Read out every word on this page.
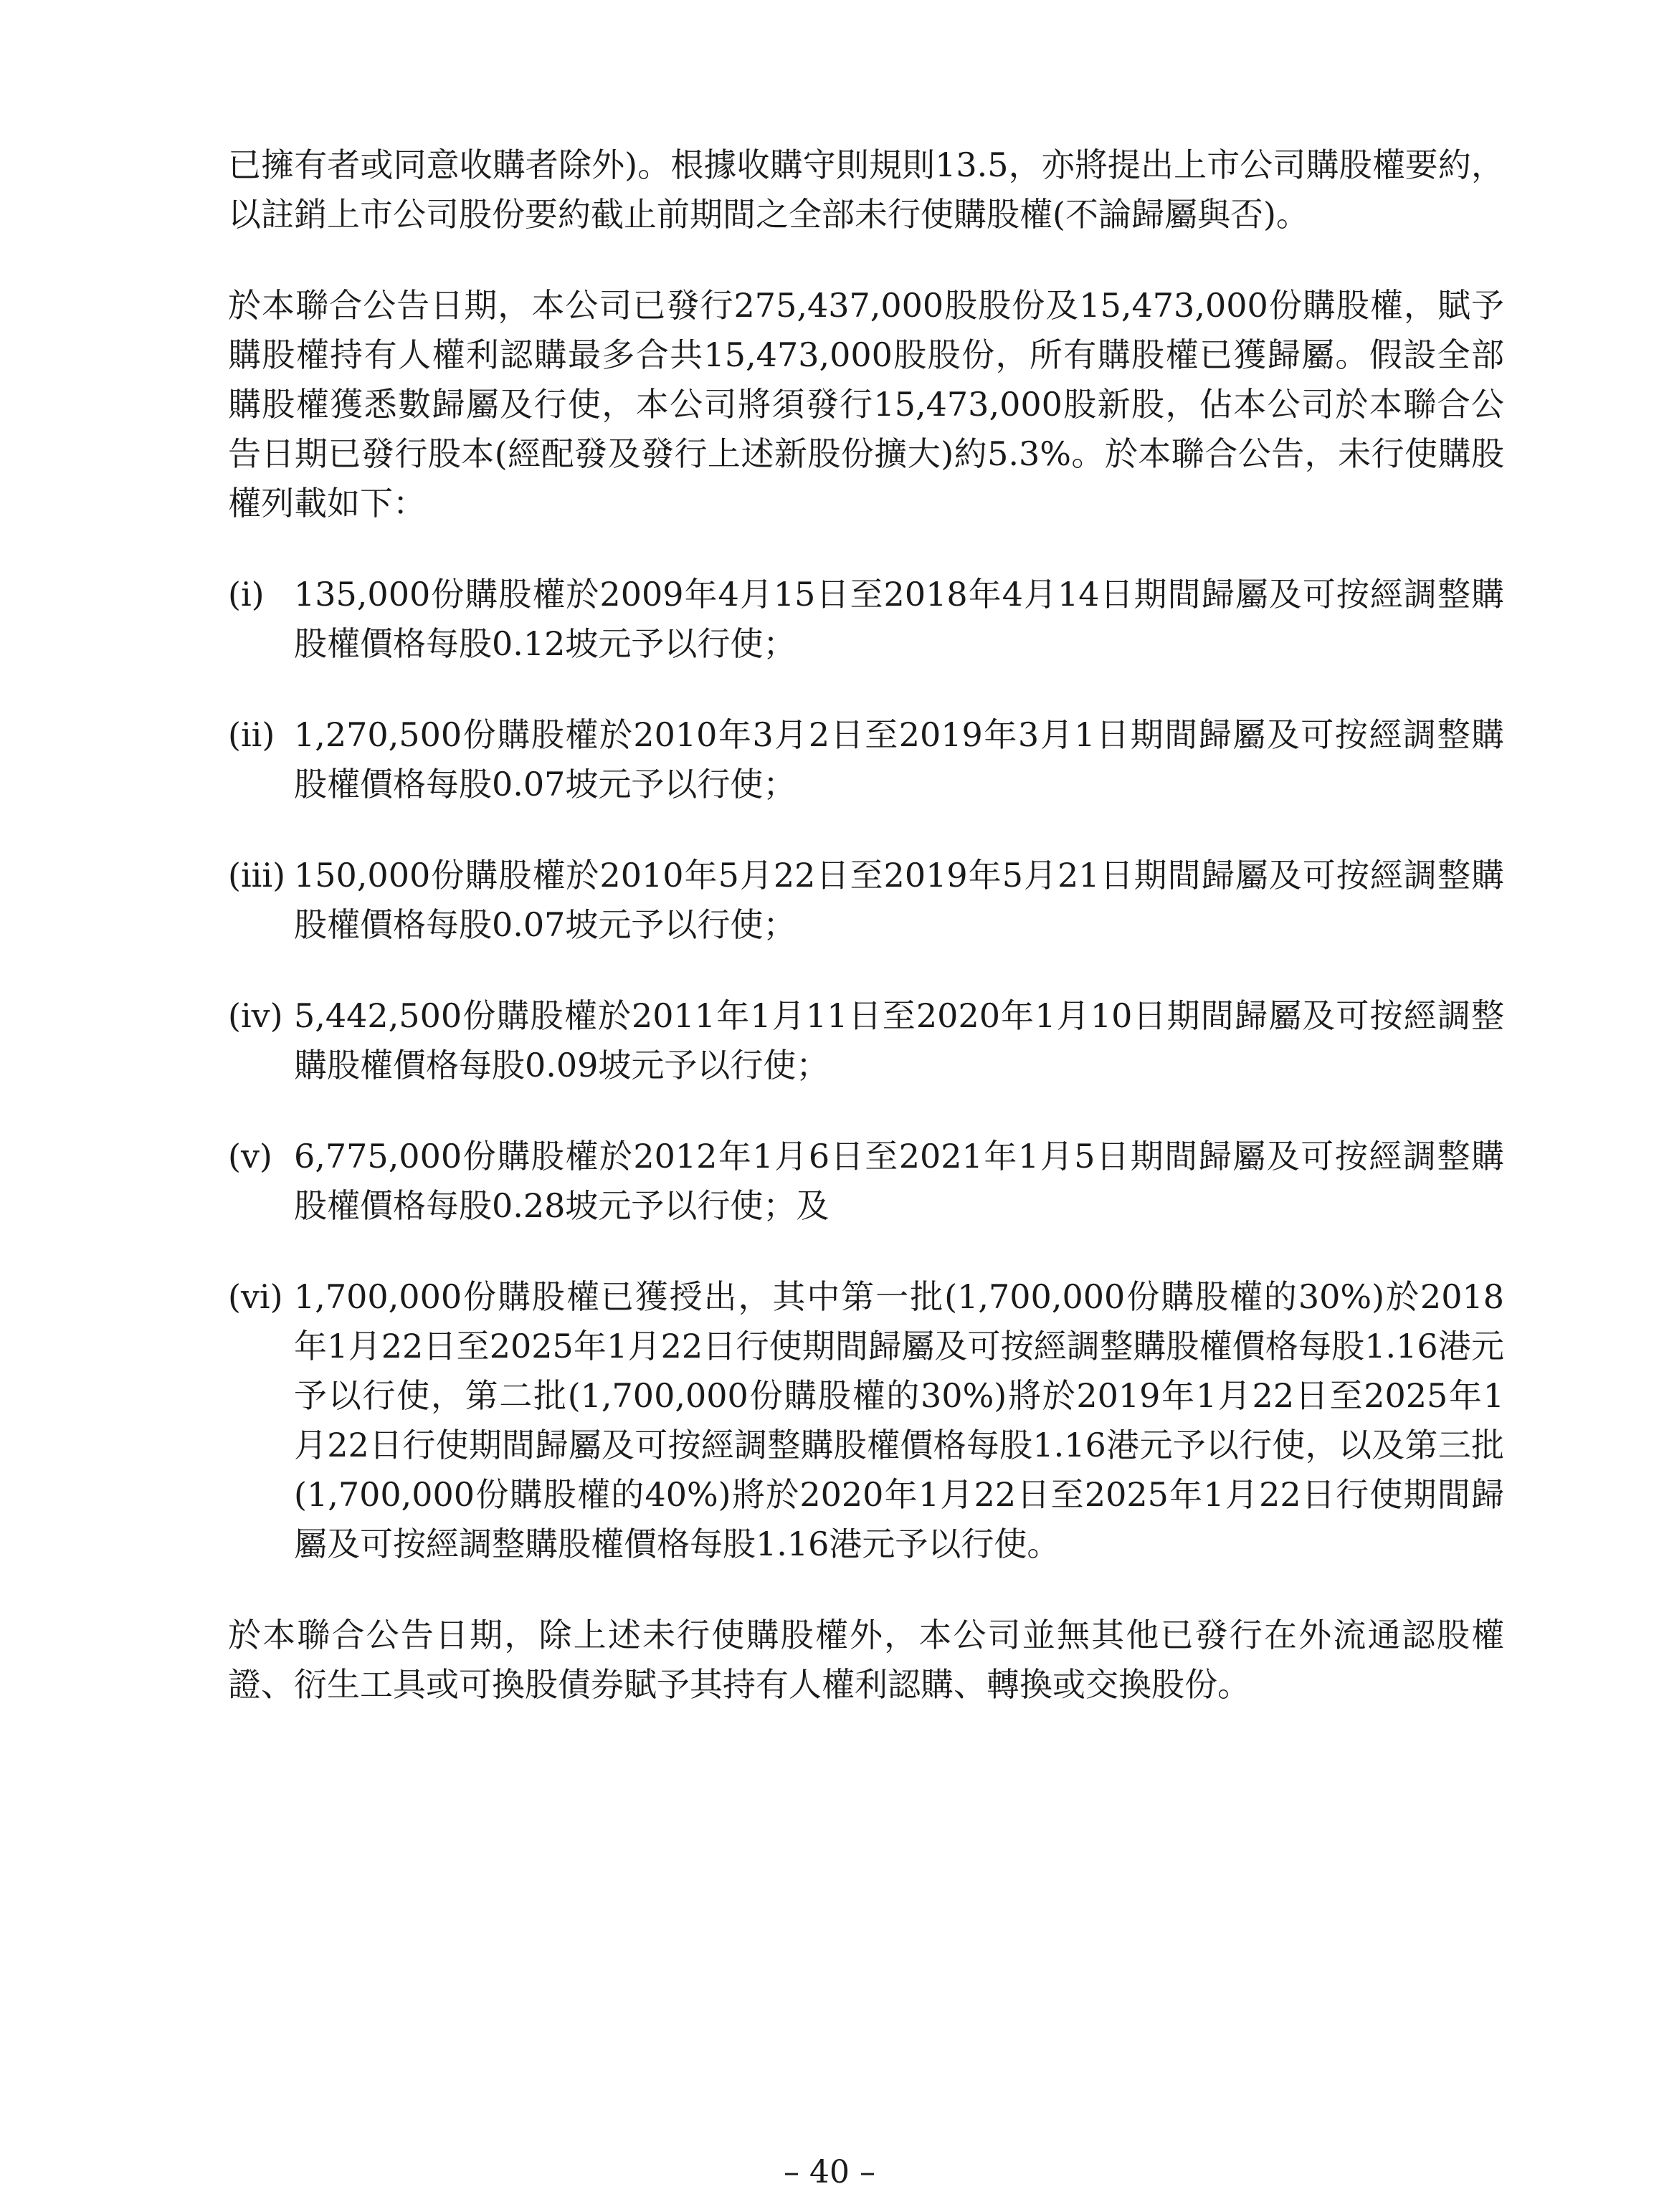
已擁有者或同意收購者除外)。根據收購守則規則13.5，亦將提出上市公司購股權要約，以註銷上市公司股份要約截止前期間之全部未行使購股權(不論歸屬與否)。

於本聯合公告日期，本公司已發行275,437,000股股份及15,473,000份購股權，賦予購股權持有人權利認購最多合共15,473,000股股份，所有購股權已獲歸屬。假設全部購股權獲悉數歸屬及行使，本公司將須發行15,473,000股新股，佔本公司於本聯合公告日期已發行股本(經配發及發行上述新股份擴大)約5.3%。於本聯合公告，未行使購股權列載如下：

(i) 135,000份購股權於2009年4月15日至2018年4月14日期間歸屬及可按經調整購股權價格每股0.12坡元予以行使；
(ii) 1,270,500份購股權於2010年3月2日至2019年3月1日期間歸屬及可按經調整購股權價格每股0.07坡元予以行使；
(iii) 150,000份購股權於2010年5月22日至2019年5月21日期間歸屬及可按經調整購股權價格每股0.07坡元予以行使；
(iv) 5,442,500份購股權於2011年1月11日至2020年1月10日期間歸屬及可按經調整購股權價格每股0.09坡元予以行使；
(v) 6,775,000份購股權於2012年1月6日至2021年1月5日期間歸屬及可按經調整購股權價格每股0.28坡元予以行使；及
(vi) 1,700,000份購股權已獲授出，其中第一批(1,700,000份購股權的30%)於2018年1月22日至2025年1月22日行使期間歸屬及可按經調整購股權價格每股1.16港元予以行使，第二批(1,700,000份購股權的30%)將於2019年1月22日至2025年1月22日行使期間歸屬及可按經調整購股權價格每股1.16港元予以行使，以及第三批(1,700,000份購股權的40%)將於2020年1月22日至2025年1月22日行使期間歸屬及可按經調整購股權價格每股1.16港元予以行使。

於本聯合公告日期，除上述未行使購股權外，本公司並無其他已發行在外流通認股權證、衍生工具或可換股債券賦予其持有人權利認購、轉換或交換股份。

– 40 –
